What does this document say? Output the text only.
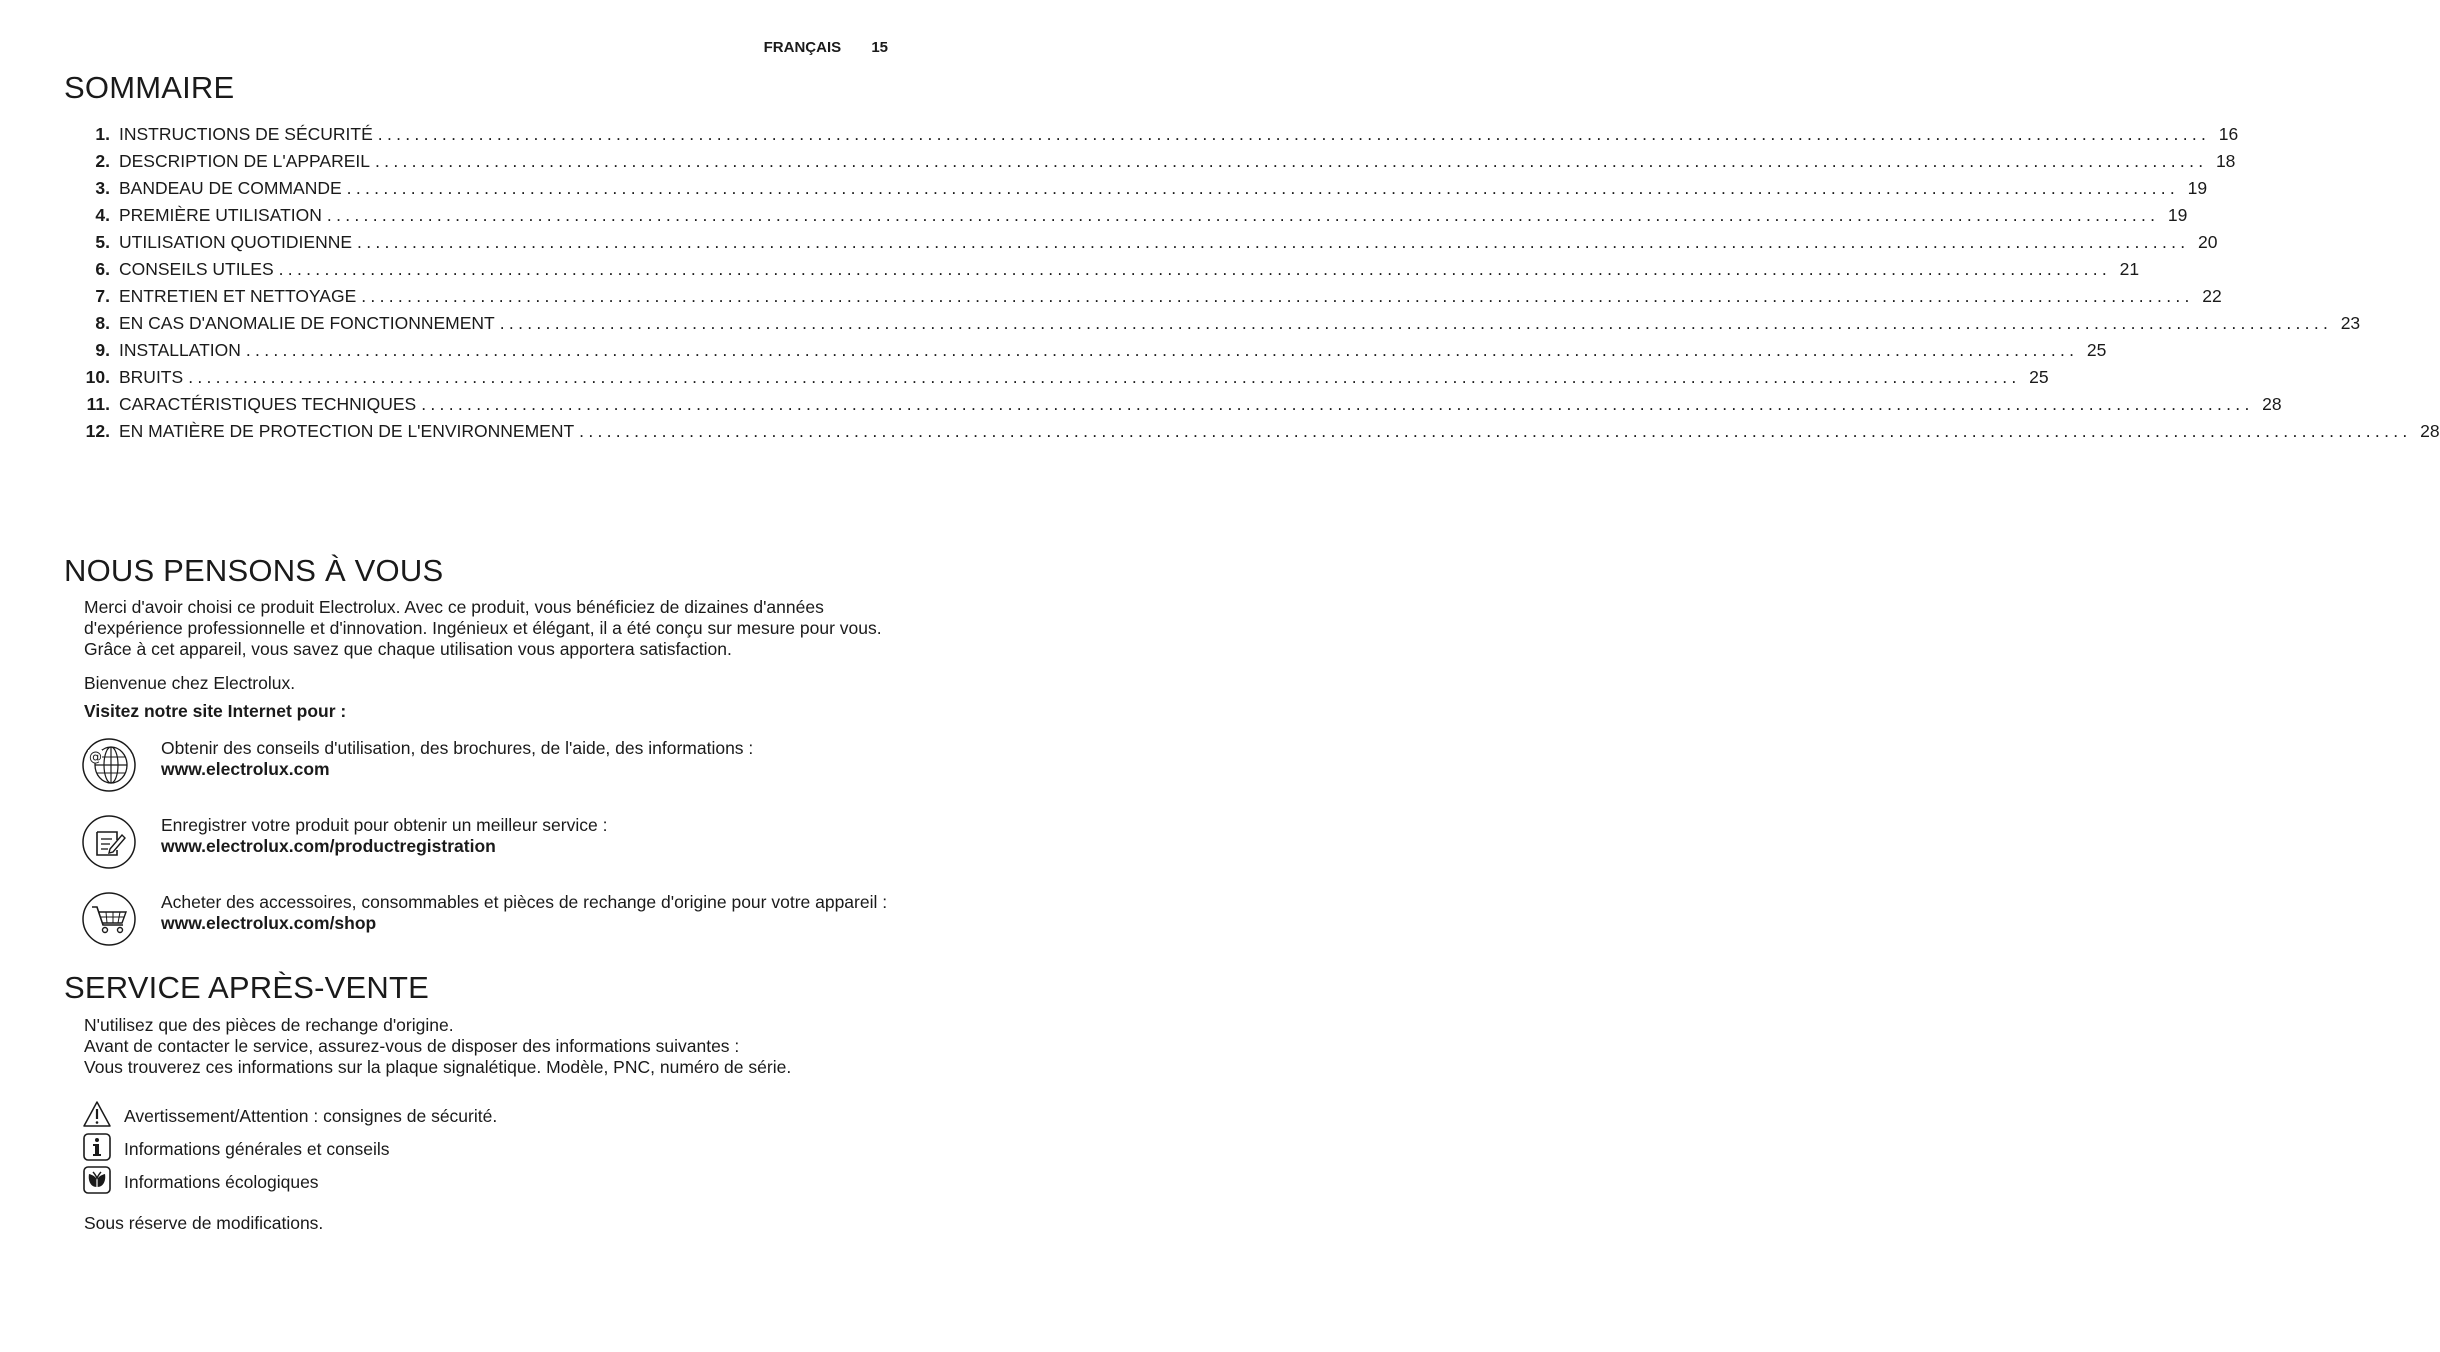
FRANÇAIS 15
SOMMAIRE
1. INSTRUCTIONS DE SÉCURITÉ ........................................................................................................................................................................................................ 16
2. DESCRIPTION DE L'APPAREIL ........................................................................................................................................................................................................ 18
3. BANDEAU DE COMMANDE ........................................................................................................................................................................................................ 19
4. PREMIÈRE UTILISATION ........................................................................................................................................................................................................ 19
5. UTILISATION QUOTIDIENNE ........................................................................................................................................................................................................ 20
6. CONSEILS UTILES ........................................................................................................................................................................................................ 21
7. ENTRETIEN ET NETTOYAGE ........................................................................................................................................................................................................ 22
8. EN CAS D'ANOMALIE DE FONCTIONNEMENT ........................................................................................................................................................................................................ 23
9. INSTALLATION ........................................................................................................................................................................................................ 25
10. BRUITS ........................................................................................................................................................................................................ 25
11. CARACTÉRISTIQUES TECHNIQUES ........................................................................................................................................................................................................ 28
12. EN MATIÈRE DE PROTECTION DE L'ENVIRONNEMENT ........................................................................................................................................................................................................ 28
NOUS PENSONS À VOUS

Merci d'avoir choisi ce produit Electrolux. Avec ce produit, vous bénéficiez de dizaines d'années d'expérience professionnelle et d'innovation. Ingénieux et élégant, il a été conçu sur mesure pour vous. Grâce à cet appareil, vous savez que chaque utilisation vous apportera satisfaction.

Bienvenue chez Electrolux.

Visitez notre site Internet pour :

@	Obtenir des conseils d'utilisation, des brochures, de l'aide, des informations :
www.electrolux.com
Enregistrer votre produit pour obtenir un meilleur service :
www.electrolux.com/productregistration
Acheter des accessoires, consommables et pièces de rechange d'origine pour votre appareil :
www.electrolux.com/shop
SERVICE APRÈS-VENTE
N'utilisez que des pièces de rechange d'origine.
Avant de contacter le service, assurez-vous de disposer des informations suivantes :
Vous trouverez ces informations sur la plaque signalétique. Modèle, PNC, numéro de série.
Avertissement/Attention : consignes de sécurité.
Informations générales et conseils
Informations écologiques

Sous réserve de modifications.
